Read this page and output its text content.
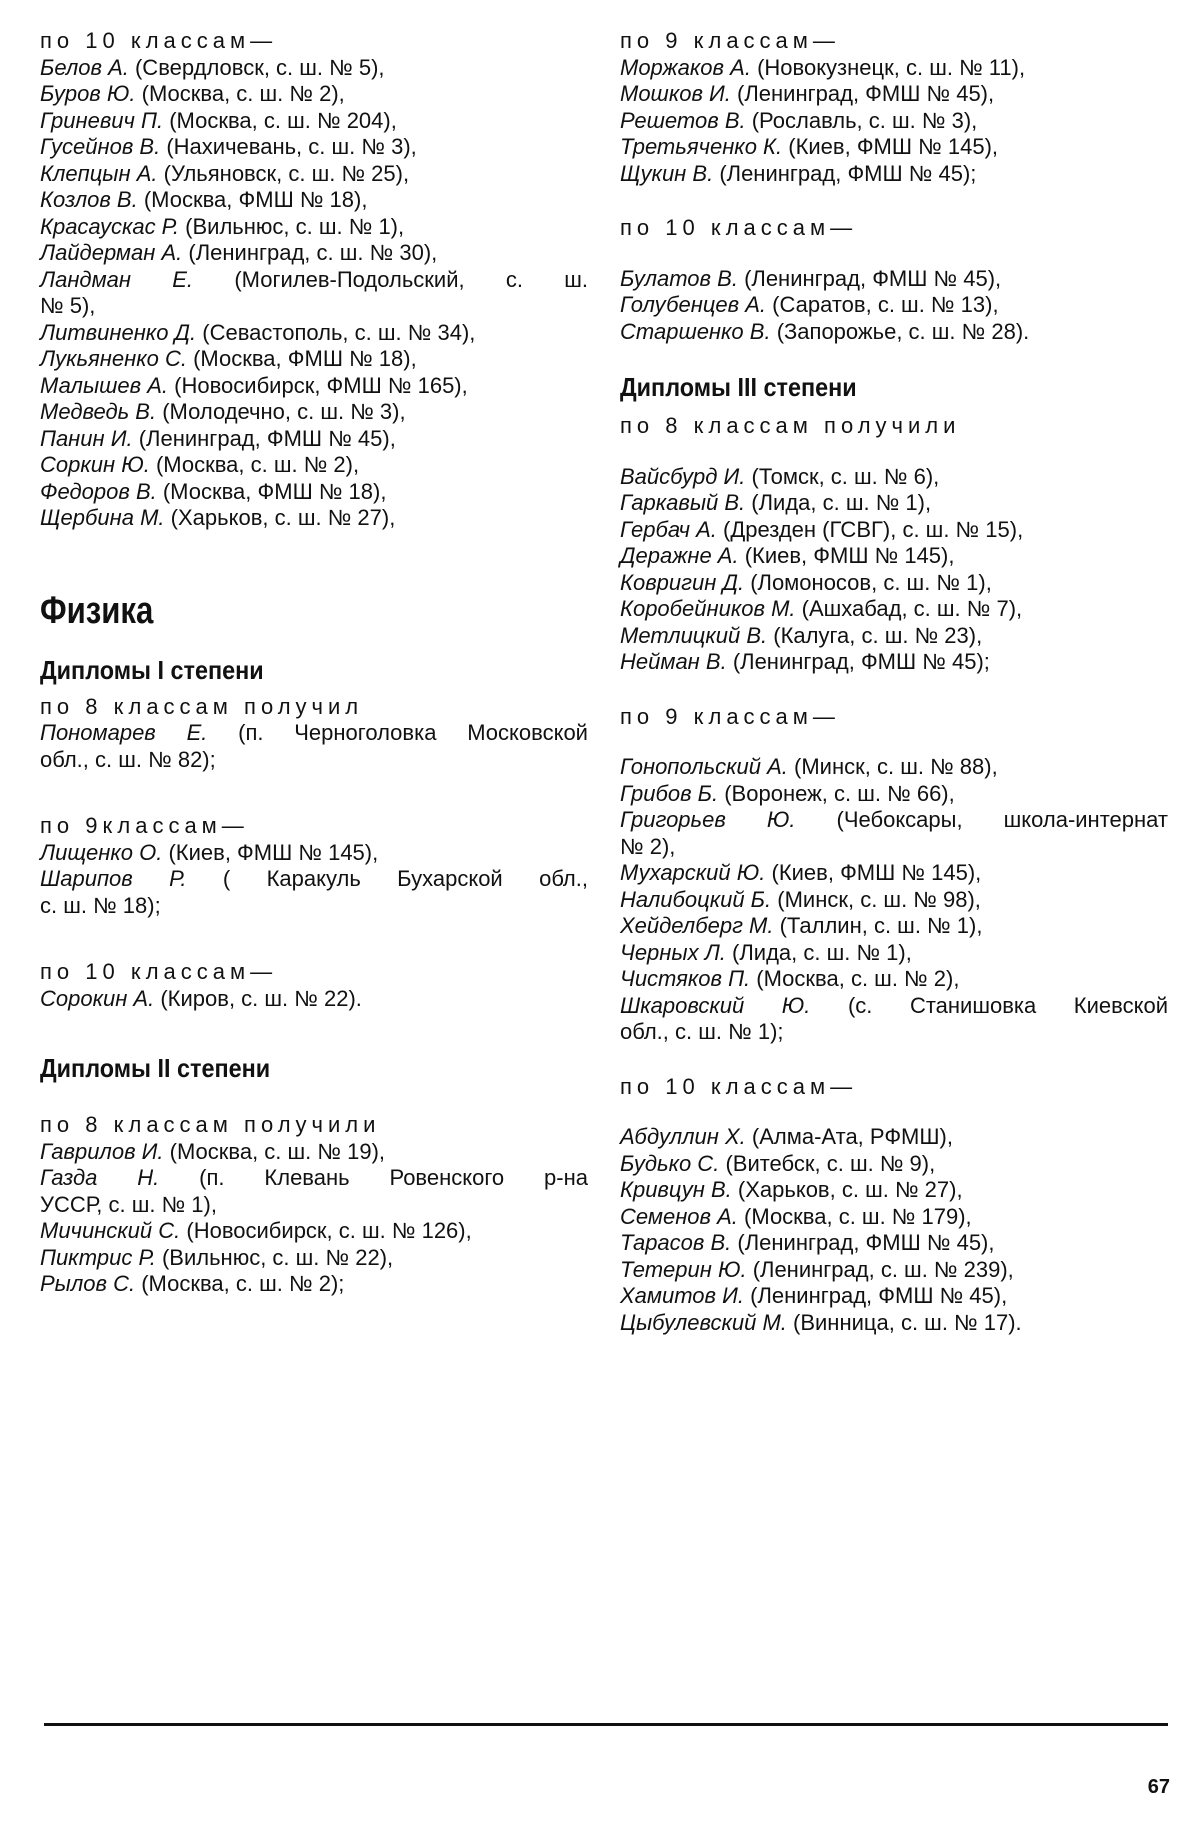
по 10 классам—
Белов А. (Свердловск, с. ш. № 5),
Буров Ю. (Москва, с. ш. № 2),
Гриневич П. (Москва, с. ш. № 204),
Гусейнов В. (Нахичевань, с. ш. № 3),
Клепцын А. (Ульяновск, с. ш. № 25),
Козлов В. (Москва, ФМШ № 18),
Красаускас Р. (Вильнюс, с. ш. № 1),
Лайдерман А. (Ленинград, с. ш. № 30),
Ландман Е. (Могилев-Подольский, с. ш.
№ 5),
Литвиненко Д. (Севастополь, с. ш. № 34),
Лукьяненко С. (Москва, ФМШ № 18),
Малышев А. (Новосибирск, ФМШ № 165),
Медведь В. (Молодечно, с. ш. № 3),
Панин И. (Ленинград, ФМШ № 45),
Соркин Ю. (Москва, с. ш. № 2),
Федоров В. (Москва, ФМШ № 18),
Щербина М. (Харьков, с. ш. № 27),
Физика
Дипломы I степени
по 8 классам получил
Пономарев Е. (п. Черноголовка Московской
обл., с. ш. № 82);
по 9классам—
Лищенко О. (Киев, ФМШ № 145),
Шарипов Р. ( Каракуль Бухарской обл.,
с. ш. № 18);
по 10 классам—
Сорокин А. (Киров, с. ш. № 22).
Дипломы II степени
по 8 классам получили
Гаврилов И. (Москва, с. ш. № 19),
Газда Н. (п. Клевань Ровенского р-на
УССР, с. ш. № 1),
Мичинский С. (Новосибирск, с. ш. № 126),
Пиктрис Р. (Вильнюс, с. ш. № 22),
Рылов С. (Москва, с. ш. № 2);
по 9 классам—
Моржаков А. (Новокузнецк, с. ш. № 11),
Мошков И. (Ленинград, ФМШ № 45),
Решетов В. (Рославль, с. ш. № 3),
Третьяченко К. (Киев, ФМШ № 145),
Щукин В. (Ленинград, ФМШ № 45);
по 10 классам—
Булатов В. (Ленинград, ФМШ № 45),
Голубенцев А. (Саратов, с. ш. № 13),
Старшенко В. (Запорожье, с. ш. № 28).
Дипломы III степени
по 8 классам получили
Вайсбурд И. (Томск, с. ш. № 6),
Гаркавый В. (Лида, с. ш. № 1),
Гербач А. (Дрезден (ГСВГ), с. ш. № 15),
Деражне А. (Киев, ФМШ № 145),
Ковригин Д. (Ломоносов, с. ш. № 1),
Коробейников М. (Ашхабад, с. ш. № 7),
Метлицкий В. (Калуга, с. ш. № 23),
Нейман В. (Ленинград, ФМШ № 45);
по 9 классам—
Гонопольский А. (Минск, с. ш. № 88),
Грибов Б. (Воронеж, с. ш. № 66),
Григорьев Ю. (Чебоксары, школа-интернат
№ 2),
Мухарский Ю. (Киев, ФМШ № 145),
Налибоцкий Б. (Минск, с. ш. № 98),
Хейделберг М. (Таллин, с. ш. № 1),
Черных Л. (Лида, с. ш. № 1),
Чистяков П. (Москва, с. ш. № 2),
Шкаровский Ю. (с. Станишовка Киевской
обл., с. ш. № 1);
по 10 классам—
Абдуллин Х. (Алма-Ата, РФМШ),
Будько С. (Витебск, с. ш. № 9),
Кривцун В. (Харьков, с. ш. № 27),
Семенов А. (Москва, с. ш. № 179),
Тарасов В. (Ленинград, ФМШ № 45),
Тетерин Ю. (Ленинград, с. ш. № 239),
Хамитов И. (Ленинград, ФМШ № 45),
Цыбулевский М. (Винница, с. ш. № 17).
67
